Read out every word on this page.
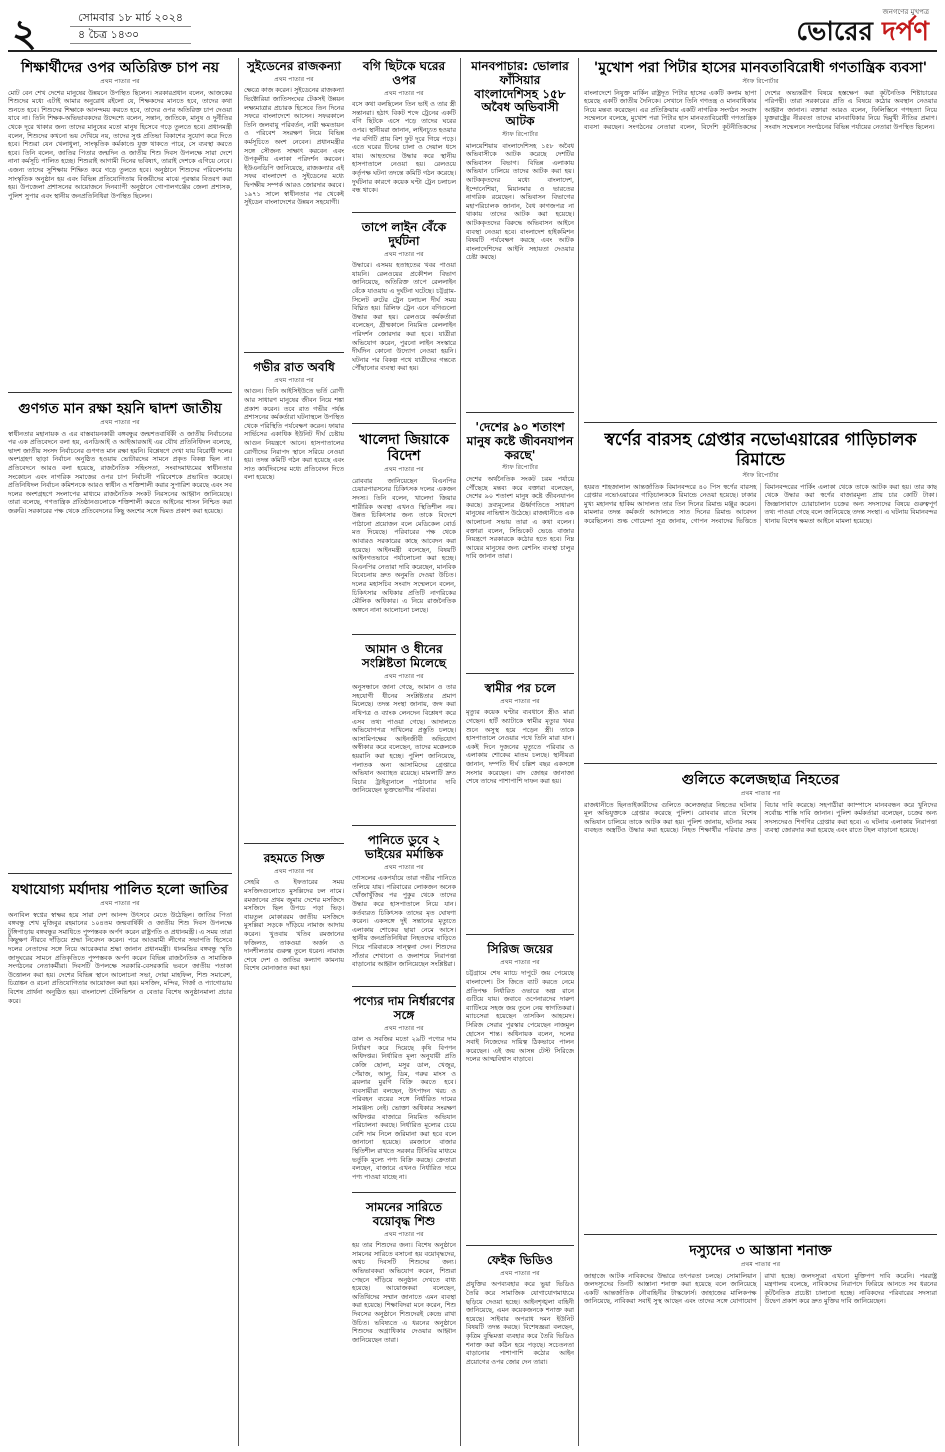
২	সোমবার ১৮ মার্চ ২০২৪
৪ চৈত্র ১৪৩০
জনগণের মুখপত্র
ভোরের দর্পণ
শিক্ষার্থীদের ওপর অতিরিক্ত চাপ নয়
প্রথম পাতার পর
মোট বেন শেখ দেশের মানুষের উন্নয়নে উপস্থিত ছিলেন। সরকারপ্রধান বলেন, আজকের শিশুদের মধ্যে এটাই আমার অনুরোধ রইলো যে, শিক্ষকদের মানতে হবে, তাদের কথা শুনতে হবে। শিশুদের শিক্ষাকে আনন্দময় করতে হবে, তাদের ওপর অতিরিক্ত চাপ দেওয়া যাবে না। তিনি শিক্ষক-অভিভাবকদের উদ্দেশ্যে বলেন, সন্তান, জাতিকে, মানুষ ও দুর্নীতির থেকে দূরে থাকার জন্য তাদের মানুষের মতো মানুষ হিসেবে গড়ে তুলতে হবে। প্রধানমন্ত্রী বলেন, শিশুদের কখনো ভয় দেখিয়ে নয়, তাদের সুপ্ত প্রতিভা বিকাশের সুযোগ করে দিতে হবে। শিশুরা যেন খেলাধুলা, সাংস্কৃতিক কর্মকাণ্ডে যুক্ত থাকতে পারে, সে ব্যবস্থা করতে হবে। তিনি বলেন, জাতির পিতার জন্মদিন ও জাতীয় শিশু দিবস উপলক্ষে সারা দেশে নানা কর্মসূচি পালিত হচ্ছে। শিশুরাই আগামী দিনের ভবিষ্যৎ, তারাই দেশকে এগিয়ে নেবে। এজন্য তাদের সুশিক্ষায় শিক্ষিত করে গড়ে তুলতে হবে। অনুষ্ঠানে শিশুদের পরিবেশনায় সাংস্কৃতিক অনুষ্ঠান হয় এবং বিভিন্ন প্রতিযোগিতায় বিজয়ীদের মাঝে পুরস্কার বিতরণ করা হয়। উপজেলা প্রশাসনের আয়োজনে দিনব্যাপী অনুষ্ঠানে গোপালগঞ্জের জেলা প্রশাসক, পুলিশ সুপার এবং স্থানীয় জনপ্রতিনিধিরা উপস্থিত ছিলেন।
গুণগত মান রক্ষা হয়নি দ্বাদশ জাতীয়
প্রথম পাতার পর
স্বাধীনতার মহানায়ক ও এর বাস্তবায়নকারী বঙ্গবন্ধুর জন্মশতবার্ষিকী ও জাতীয় নির্বাচনের পর এক প্রতিবেদনে বলা হয়, এনডিআই ও আইআরআই এর যৌথ প্রতিনিধিদল বলেছে, দ্বাদশ জাতীয় সংসদ নির্বাচনের গুণগত মান রক্ষা হয়নি। বিশ্লেষণে দেখা যায় বিরোধী দলের অংশগ্রহণ ছাড়া নির্বাচন অনুষ্ঠিত হওয়ায় ভোটারদের সামনে প্রকৃত বিকল্প ছিল না। প্রতিবেদনে আরও বলা হয়েছে, রাজনৈতিক সহিংসতা, সংবাদমাধ্যমের স্বাধীনতার সংকোচন এবং নাগরিক সমাজের ওপর চাপ নির্বাচনী পরিবেশকে প্রভাবিত করেছে। প্রতিনিধিদল নির্বাচন কমিশনকে আরও স্বাধীন ও শক্তিশালী করার সুপারিশ করেছে এবং সব দলের অংশগ্রহণে সংলাপের মাধ্যমে রাজনৈতিক সংকট নিরসনের আহ্বান জানিয়েছে। তারা বলেছে, গণতান্ত্রিক প্রতিষ্ঠানগুলোকে শক্তিশালী করতে আইনের শাসন নিশ্চিত করা জরুরি। সরকারের পক্ষ থেকে প্রতিবেদনের কিছু অংশের সঙ্গে দ্বিমত প্রকাশ করা হয়েছে।
যথাযোগ্য মর্যাদায় পালিত হলো জাতির
প্রথম পাতার পর
অনাবিল স্বপ্নের স্বাক্ষর হয়ে সারা দেশ আনন্দ উৎসবে মেতে উঠেছিল। জাতির পিতা বঙ্গবন্ধু শেখ মুজিবুর রহমানের ১০৪তম জন্মবার্ষিকী ও জাতীয় শিশু দিবস উপলক্ষে টুঙ্গিপাড়ায় বঙ্গবন্ধুর সমাধিতে পুষ্পস্তবক অর্পণ করেন রাষ্ট্রপতি ও প্রধানমন্ত্রী। এ সময় তারা কিছুক্ষণ নীরবে দাঁড়িয়ে শ্রদ্ধা নিবেদন করেন। পরে আওয়ামী লীগের সভাপতি হিসেবে দলের নেতাদের সঙ্গে নিয়ে আরেকবার শ্রদ্ধা জানান প্রধানমন্ত্রী। ধানমন্ডির বঙ্গবন্ধু স্মৃতি জাদুঘরের সামনে প্রতিকৃতিতে পুষ্পস্তবক অর্পণ করেন বিভিন্ন রাজনৈতিক ও সামাজিক সংগঠনের নেতাকর্মীরা। দিবসটি উপলক্ষে সরকারি-বেসরকারি ভবনে জাতীয় পতাকা উত্তোলন করা হয়। দেশের বিভিন্ন স্থানে আলোচনা সভা, দোয়া মাহফিল, শিশু সমাবেশ, চিত্রাঙ্কন ও রচনা প্রতিযোগিতার আয়োজন করা হয়। মসজিদ, মন্দির, গির্জা ও প্যাগোডায় বিশেষ প্রার্থনা অনুষ্ঠিত হয়। বাংলাদেশ টেলিভিশন ও বেতার বিশেষ অনুষ্ঠানমালা প্রচার করে।
সুইডেনের রাজকন্যা
প্রথম পাতার পর
ক্ষেত্রে কাজ করেন। সুইডেনের রাজকন্যা ভিক্টোরিয়া জাতিসংঘের টেকসই উন্নয়ন লক্ষ্যমাত্রার প্রচারক হিসেবে তিন দিনের সফরে বাংলাদেশে আসেন। সফরকালে তিনি জলবায়ু পরিবর্তন, নারী ক্ষমতায়ন ও পরিবেশ সংরক্ষণ নিয়ে বিভিন্ন কর্মসূচিতে অংশ নেবেন। প্রধানমন্ত্রীর সঙ্গে সৌজন্য সাক্ষাৎ করবেন এবং উপকূলীয় এলাকা পরিদর্শন করবেন। ইউএনডিপি জানিয়েছে, রাজকন্যার এই সফর বাংলাদেশ ও সুইডেনের মধ্যে দ্বিপক্ষীয় সম্পর্ক আরও জোরদার করবে। ১৯৭১ সালে স্বাধীনতার পর থেকেই সুইডেন বাংলাদেশের উন্নয়ন সহযোগী।
গভীর রাত অবধি
প্রথম পাতার পর
আগুন। তিনি আইসিইউতে ভর্তি রোগী আর সাধারণ মানুষের জীবন নিয়ে শঙ্কা প্রকাশ করেন। তবে রাত গভীর পর্যন্ত প্রশাসনের কর্মকর্তারা ঘটনাস্থলে উপস্থিত থেকে পরিস্থিতি পর্যবেক্ষণ করেন। ফায়ার সার্ভিসের একাধিক ইউনিট দীর্ঘ চেষ্টায় আগুন নিয়ন্ত্রণে আনে। হাসপাতালের রোগীদের নিরাপদ স্থানে সরিয়ে নেওয়া হয়। তদন্ত কমিটি গঠন করা হয়েছে এবং সাত কার্যদিবসের মধ্যে প্রতিবেদন দিতে বলা হয়েছে।
রহমতে সিক্ত
প্রথম পাতার পর
সেহরি ও ইফতারের সময় মসজিদগুলোতে মুসল্লিদের ঢল নামে। রমজানের প্রথম জুমায় দেশের মসজিদে মসজিদে ছিল উপচে পড়া ভিড়। বায়তুল মোকাররম জাতীয় মসজিদে মুসল্লিরা সড়কে দাঁড়িয়ে নামাজ আদায় করেন। খুতবায় খতিব রমজানের ফজিলত, তাকওয়া অর্জন ও দানশীলতার গুরুত্ব তুলে ধরেন। নামাজ শেষে দেশ ও জাতির কল্যাণ কামনায় বিশেষ মোনাজাত করা হয়।
বগি ছিটকে ঘরের ওপর
প্রথম পাতার পর
বসে কথা বলছিলেন তিন ভাই ও তার স্ত্রী সন্তানরা। হঠাৎ বিকট শব্দে ট্রেনের একটি বগি ছিটকে এসে পড়ে তাদের ঘরের ওপর। স্থানীয়রা জানান, লাইনচ্যুত হওয়ার পর বগিটি প্রায় বিশ ফুট দূরে গিয়ে পড়ে। এতে ঘরের টিনের চালা ও দেয়াল ধসে যায়। আহতদের উদ্ধার করে স্থানীয় হাসপাতালে নেওয়া হয়। রেলওয়ে কর্তৃপক্ষ ঘটনা তদন্তে কমিটি গঠন করেছে। দুর্ঘটনার কারণে কয়েক ঘণ্টা ট্রেন চলাচল বন্ধ থাকে।
তাপে লাইন বেঁকে দুর্ঘটনা
প্রথম পাতার পর
উদ্ধারে। এসময় হতাহতের খবর পাওয়া যায়নি। রেলওয়ের প্রকৌশল বিভাগ জানিয়েছে, অতিরিক্ত তাপে রেললাইন বেঁকে যাওয়ায় এ দুর্ঘটনা ঘটেছে। চট্টগ্রাম-সিলেট রুটের ট্রেন চলাচল দীর্ঘ সময় বিঘ্নিত হয়। রিলিফ ট্রেন এনে বগিগুলো উদ্ধার করা হয়। রেলওয়ে কর্মকর্তারা বলেছেন, গ্রীষ্মকালে নিয়মিত রেললাইন পরিদর্শন জোরদার করা হবে। যাত্রীরা অভিযোগ করেন, পুরনো লাইন সংস্কারে দীর্ঘদিন কোনো উদ্যোগ নেওয়া হয়নি। ঘটনার পর বিকল্প পথে যাত্রীদের গন্তব্যে পৌঁছানোর ব্যবস্থা করা হয়।
খালেদা জিয়াকে বিদেশ
প্রথম পাতার পর
রোববার জানিয়েছেন বিএনপির চেয়ারপারসনের চিকিৎসক দলের একজন সদস্য। তিনি বলেন, খালেদা জিয়ার শারীরিক অবস্থা এখনও স্থিতিশীল নয়। উন্নত চিকিৎসার জন্য তাকে বিদেশে পাঠানো প্রয়োজন বলে মেডিকেল বোর্ড মত দিয়েছে। পরিবারের পক্ষ থেকে আবারও সরকারের কাছে আবেদন করা হয়েছে। আইনমন্ত্রী বলেছেন, বিষয়টি আইনগতভাবে পর্যালোচনা করা হচ্ছে। বিএনপির নেতারা দাবি করেছেন, মানবিক বিবেচনায় দ্রুত অনুমতি দেওয়া উচিত। দলের মহাসচিব সংবাদ সম্মেলনে বলেন, চিকিৎসার অধিকার প্রতিটি নাগরিকের মৌলিক অধিকার। এ নিয়ে রাজনৈতিক অঙ্গনে নানা আলোচনা চলছে।
আমান ও ধীনের সংশ্লিষ্টতা মিলেছে
প্রথম পাতার পর
অনুসন্ধানে জানা গেছে, আমান ও তার সহযোগী ধীনের সংশ্লিষ্টতার প্রমাণ মিলেছে। তদন্ত সংস্থা জানায়, জব্দ করা নথিপত্র ও ব্যাংক লেনদেন বিশ্লেষণ করে এসব তথ্য পাওয়া গেছে। আদালতে অভিযোগপত্র দাখিলের প্রস্তুতি চলছে। আসামিপক্ষের আইনজীবী অভিযোগ অস্বীকার করে বলেছেন, তাদের মক্কেলকে হয়রানি করা হচ্ছে। পুলিশ জানিয়েছে, পলাতক অন্য আসামিদের গ্রেপ্তারে অভিযান অব্যাহত রয়েছে। মামলাটি দ্রুত বিচার ট্রাইব্যুনালে পাঠানোর দাবি জানিয়েছেন ভুক্তভোগীর পরিবার।
পানিতে ডুবে ২ ভাইয়ের মর্মান্তিক
প্রথম পাতার পর
গোসলের একপর্যায়ে তারা গভীর পানিতে তলিয়ে যায়। পরিবারের লোকজন অনেক খোঁজাখুঁজির পর পুকুর থেকে তাদের উদ্ধার করে হাসপাতালে নিয়ে যান। কর্তব্যরত চিকিৎসক তাদের মৃত ঘোষণা করেন। একসঙ্গে দুই সন্তানের মৃত্যুতে এলাকায় শোকের ছায়া নেমে আসে। স্থানীয় জনপ্রতিনিধিরা নিহতদের বাড়িতে গিয়ে পরিবারকে সান্ত্বনা দেন। শিশুদের সাঁতার শেখানো ও জলাশয়ে নিরাপত্তা বাড়ানোর আহ্বান জানিয়েছেন সংশ্লিষ্টরা।
পণ্যের দাম নির্ধারণের সঙ্গে
প্রথম পাতার পর
ডাল ও সবজির মতো ২৯টি পণ্যের দাম নির্ধারণ করে দিয়েছে কৃষি বিপণন অধিদপ্তর। নির্ধারিত মূল্য অনুযায়ী প্রতি কেজি ছোলা, মসুর ডাল, খেজুর, পেঁয়াজ, আলু, ডিম, গরুর মাংস ও ব্রয়লার মুরগি বিক্রি করতে হবে। ব্যবসায়ীরা বলছেন, উৎপাদন খরচ ও পরিবহন ব্যয়ের সঙ্গে নির্ধারিত দামের সামঞ্জস্য নেই। ভোক্তা অধিকার সংরক্ষণ অধিদপ্তর বাজারে নিয়মিত অভিযান পরিচালনা করছে। নির্ধারিত মূল্যের চেয়ে বেশি দাম নিলে জরিমানা করা হবে বলে জানানো হয়েছে। রমজানে বাজার স্থিতিশীল রাখতে সরকার টিসিবির মাধ্যমে ভর্তুকি মূল্যে পণ্য বিক্রি করছে। ক্রেতারা বলছেন, বাজারে এখনও নির্ধারিত দামে পণ্য পাওয়া যাচ্ছে না।
সামনের সারিতে বয়োবৃদ্ধ শিশু
প্রথম পাতার পর
হয় তার শিশুদের জন্য। বিশেষ অনুষ্ঠানে সামনের সারিতে বসানো হয় বয়োবৃদ্ধদের, অথচ দিবসটি শিশুদের জন্য। অভিভাবকরা অভিযোগ করেন, শিশুরা পেছনে দাঁড়িয়ে অনুষ্ঠান দেখতে বাধ্য হয়েছে। আয়োজকরা বলেছেন, অতিথিদের সম্মান জানাতে এমন ব্যবস্থা করা হয়েছে। শিক্ষাবিদরা মনে করেন, শিশু দিবসের অনুষ্ঠানে শিশুদেরই কেন্দ্রে রাখা উচিত। ভবিষ্যতে এ ধরনের অনুষ্ঠানে শিশুদের অগ্রাধিকার দেওয়ার আহ্বান জানিয়েছেন তারা।
মানবপাচার: ভোলার ফাঁসিয়ার বাংলাদেশিসহ ১৫৮ অবৈধ অভিবাসী আটক
স্টাফ রিপোর্টার
মালয়েশিয়ায় বাংলাদেশিসহ ১৫৮ অবৈধ অভিবাসীকে আটক করেছে দেশটির অভিবাসন বিভাগ। বিভিন্ন এলাকায় অভিযান চালিয়ে তাদের আটক করা হয়। আটককৃতদের মধ্যে বাংলাদেশ, ইন্দোনেশিয়া, মিয়ানমার ও ভারতের নাগরিক রয়েছেন। অভিবাসন বিভাগের মহাপরিচালক জানান, বৈধ কাগজপত্র না থাকায় তাদের আটক করা হয়েছে। আটককৃতদের বিরুদ্ধে অভিবাসন আইনে ব্যবস্থা নেওয়া হবে। বাংলাদেশ হাইকমিশন বিষয়টি পর্যবেক্ষণ করছে এবং আটক বাংলাদেশিদের আইনি সহায়তা দেওয়ার চেষ্টা করছে।
'দেশের ৯০ শতাংশ মানুষ কষ্টে জীবনযাপন করছে'
স্টাফ রিপোর্টার
দেশের অর্থনৈতিক সংকট চরম পর্যায়ে পৌঁছেছে মন্তব্য করে বক্তারা বলেছেন, দেশের ৯০ শতাংশ মানুষ কষ্টে জীবনযাপন করছে। দ্রব্যমূল্যের ঊর্ধ্বগতিতে সাধারণ মানুষের নাভিশ্বাস উঠেছে। রাজধানীতে এক আলোচনা সভায় তারা এ কথা বলেন। বক্তারা বলেন, সিন্ডিকেট ভেঙে বাজার নিয়ন্ত্রণে সরকারকে কঠোর হতে হবে। নিম্ন আয়ের মানুষের জন্য রেশনিং ব্যবস্থা চালুর দাবি জানান তারা।
স্বামীর পর চলে
প্রথম পাতার পর
মৃত্যুর কয়েক ঘণ্টার ব্যবধানে স্ত্রীও মারা গেছেন। হার্ট অ্যাটাকে স্বামীর মৃত্যুর খবর শুনে অসুস্থ হয়ে পড়েন স্ত্রী। তাকে হাসপাতালে নেওয়ার পথে তিনি মারা যান। একই দিনে দুজনের মৃত্যুতে পরিবার ও এলাকায় শোকের মাতম চলছে। স্থানীয়রা জানান, দম্পতি দীর্ঘ চল্লিশ বছর একসঙ্গে সংসার করেছেন। বাদ জোহর জানাজা শেষে তাদের পাশাপাশি দাফন করা হয়।
সিরিজ জয়ের
প্রথম পাতার পর
চট্টগ্রামে শেষ ম্যাচে দাপুটে জয় পেয়েছে বাংলাদেশ। টস জিতে ব্যাট করতে নেমে প্রতিপক্ষ নির্ধারিত ওভারে অল্প রানে গুটিয়ে যায়। জবাবে ওপেনারদের দারুণ ব্যাটিংয়ে সহজ জয় তুলে নেয় স্বাগতিকরা। ম্যাচসেরা হয়েছেন তাসকিন আহমেদ। সিরিজ সেরার পুরস্কার পেয়েছেন নাজমুল হোসেন শান্ত। অধিনায়ক বলেন, দলের সবাই নিজেদের দায়িত্ব ঠিকভাবে পালন করেছেন। এই জয় আসন্ন টেস্ট সিরিজে দলের আত্মবিশ্বাস বাড়াবে।
ফেইক ভিডিও
প্রথম পাতার পর
প্রযুক্তির অপব্যবহার করে ভুয়া ভিডিও তৈরি করে সামাজিক যোগাযোগমাধ্যমে ছড়িয়ে দেওয়া হচ্ছে। আইনশৃঙ্খলা বাহিনী জানিয়েছে, এমন কয়েকজনকে শনাক্ত করা হয়েছে। সাইবার অপরাধ দমন ইউনিট বিষয়টি তদন্ত করছে। বিশেষজ্ঞরা বলছেন, কৃত্রিম বুদ্ধিমত্তা ব্যবহার করে তৈরি ভিডিও শনাক্ত করা কঠিন হয়ে পড়ছে। সচেতনতা বাড়ানোর পাশাপাশি কঠোর আইন প্রয়োগের ওপর জোর দেন তারা।
'মুখোশ পরা পিটার হাসের মানবতাবিরোধী গণতান্ত্রিক ব্যবসা'
স্টাফ রিপোর্টার
বাংলাদেশে নিযুক্ত মার্কিন রাষ্ট্রদূত পিটার হাসের একটি কলাম ছাপা হয়েছে একটি জাতীয় দৈনিকে। সেখানে তিনি গণতন্ত্র ও মানবাধিকার নিয়ে মন্তব্য করেছেন। এর প্রতিক্রিয়ায় একটি নাগরিক সংগঠন সংবাদ সম্মেলনে বলেছে, মুখোশ পরা পিটার হাস মানবতাবিরোধী গণতান্ত্রিক ব্যবসা করছেন। সংগঠনের নেতারা বলেন, বিদেশি কূটনীতিকদের দেশের অভ্যন্তরীণ বিষয়ে হস্তক্ষেপ করা কূটনৈতিক শিষ্টাচারের পরিপন্থী। তারা সরকারের প্রতি এ বিষয়ে কঠোর অবস্থান নেওয়ার আহ্বান জানান। বক্তারা আরও বলেন, ফিলিস্তিনে গণহত্যা নিয়ে যুক্তরাষ্ট্রের নীরবতা তাদের মানবাধিকার নিয়ে দ্বিমুখী নীতির প্রমাণ। সংবাদ সম্মেলনে সংগঠনের বিভিন্ন পর্যায়ের নেতারা উপস্থিত ছিলেন।
স্বর্ণের বারসহ গ্রেপ্তার নভোএয়ারের গাড়িচালক রিমান্ডে
স্টাফ রিপোর্টার
হযরত শাহজালাল আন্তর্জাতিক বিমানবন্দরে ৪০ পিস স্বর্ণের বারসহ গ্রেপ্তার নভোএয়ারের গাড়িচালককে রিমান্ডে নেওয়া হয়েছে। ঢাকার মুখ্য মহানগর হাকিম আদালত তার তিন দিনের রিমান্ড মঞ্জুর করেন। মামলার তদন্ত কর্মকর্তা আদালতে সাত দিনের রিমান্ড আবেদন করেছিলেন। শুল্ক গোয়েন্দা সূত্র জানায়, গোপন সংবাদের ভিত্তিতে বিমানবন্দরের পার্কিং এলাকা থেকে তাকে আটক করা হয়। তার কাছ থেকে উদ্ধার করা স্বর্ণের বাজারমূল্য প্রায় চার কোটি টাকা। জিজ্ঞাসাবাদে চোরাচালান চক্রের অন্য সদস্যদের বিষয়ে গুরুত্বপূর্ণ তথ্য পাওয়া গেছে বলে জানিয়েছে তদন্ত সংস্থা। এ ঘটনায় বিমানবন্দর থানায় বিশেষ ক্ষমতা আইনে মামলা হয়েছে।
গুলিতে কলেজছাত্র নিহতের
প্রথম পাতার পর
রাজধানীতে ছিনতাইকারীদের গুলিতে কলেজছাত্র নিহতের ঘটনায় মূল অভিযুক্তকে গ্রেপ্তার করেছে পুলিশ। রোববার রাতে বিশেষ অভিযান চালিয়ে তাকে আটক করা হয়। পুলিশ জানায়, ঘটনার সময় ব্যবহৃত অস্ত্রটিও উদ্ধার করা হয়েছে। নিহত শিক্ষার্থীর পরিবার দ্রুত বিচার দাবি করেছে। সহপাঠীরা ক্যাম্পাসে মানববন্ধন করে খুনিদের সর্বোচ্চ শাস্তি দাবি জানান। পুলিশ কর্মকর্তারা বলেছেন, চক্রের অন্য সদস্যদেরও শিগগির গ্রেপ্তার করা হবে। এ ঘটনায় এলাকায় নিরাপত্তা ব্যবস্থা জোরদার করা হয়েছে এবং রাতে টহল বাড়ানো হয়েছে।
দস্যুদের ৩ আস্তানা শনাক্ত
প্রথম পাতার পর
জাহাজে আটক নাবিকদের উদ্ধারে তৎপরতা চলছে। সোমালিয়ান জলদস্যুদের তিনটি আস্তানা শনাক্ত করা হয়েছে বলে জানিয়েছে একটি আন্তর্জাতিক নৌবাহিনীর টাস্কফোর্স। জাহাজের মালিকপক্ষ জানিয়েছে, নাবিকরা সবাই সুস্থ আছেন এবং তাদের সঙ্গে যোগাযোগ রাখা হচ্ছে। জলদস্যুরা এখনো মুক্তিপণ দাবি করেনি। পররাষ্ট্র মন্ত্রণালয় বলেছে, নাবিকদের নিরাপদে ফিরিয়ে আনতে সব ধরনের কূটনৈতিক প্রচেষ্টা চালানো হচ্ছে। নাবিকদের পরিবারের সদস্যরা উদ্বেগ প্রকাশ করে দ্রুত মুক্তির দাবি জানিয়েছেন।
